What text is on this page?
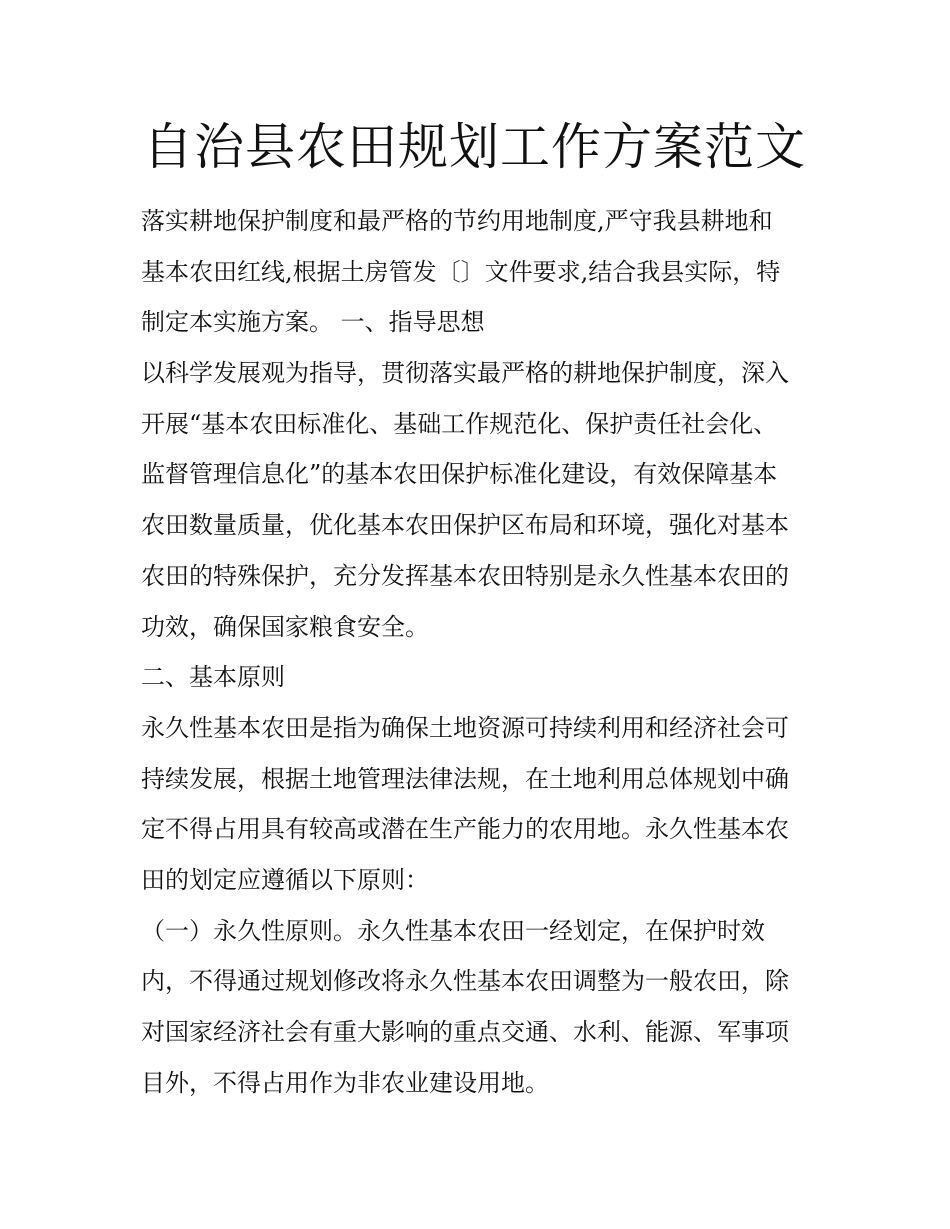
自治县农田规划工作方案范文
落实耕地保护制度和最严格的节约用地制度,严守我县耕地和
基本农田红线,根据土房管发〔〕文件要求,结合我县实际，特
制定本实施方案。 一、指导思想
以科学发展观为指导，贯彻落实最严格的耕地保护制度，深入
开展“基本农田标准化、基础工作规范化、保护责任社会化、
监督管理信息化”的基本农田保护标准化建设，有效保障基本
农田数量质量，优化基本农田保护区布局和环境，强化对基本
农田的特殊保护，充分发挥基本农田特别是永久性基本农田的
功效，确保国家粮食安全。
二、基本原则
永久性基本农田是指为确保土地资源可持续利用和经济社会可
持续发展，根据土地管理法律法规，在土地利用总体规划中确
定不得占用具有较高或潜在生产能力的农用地。永久性基本农
田的划定应遵循以下原则：
（一）永久性原则。永久性基本农田一经划定，在保护时效
内，不得通过规划修改将永久性基本农田调整为一般农田，除
对国家经济社会有重大影响的重点交通、水利、能源、军事项
目外，不得占用作为非农业建设用地。
